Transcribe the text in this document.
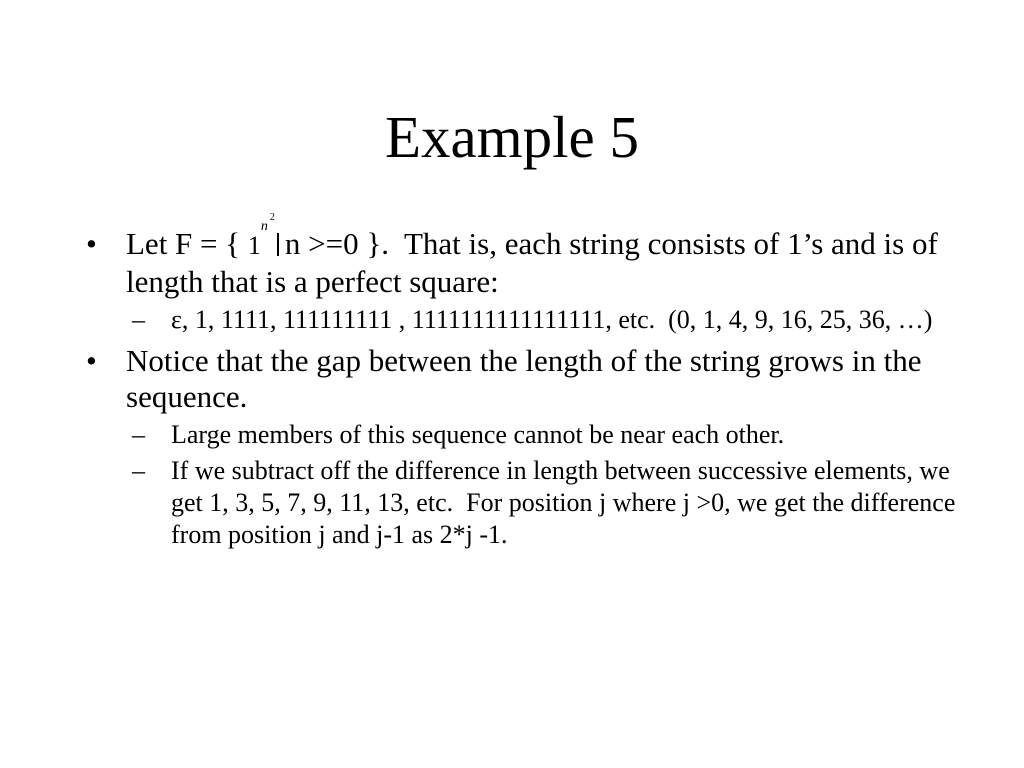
Example 5
• Let F = { 1
n
2
n >=0 }.  That is, each string consists of 1’s and is of length that is a perfect square:
– ε, 1, 1111, 111111111 , 1111111111111111, etc.  (0, 1, 4, 9, 16, 25, 36, …)
• Notice that the gap between the length of the string grows in the sequence.
– Large members of this sequence cannot be near each other.
– If we subtract off the difference in length between successive elements, we get 1, 3, 5, 7, 9, 11, 13, etc.  For position j where j >0, we get the difference from position j and j-1 as 2*j -1.
